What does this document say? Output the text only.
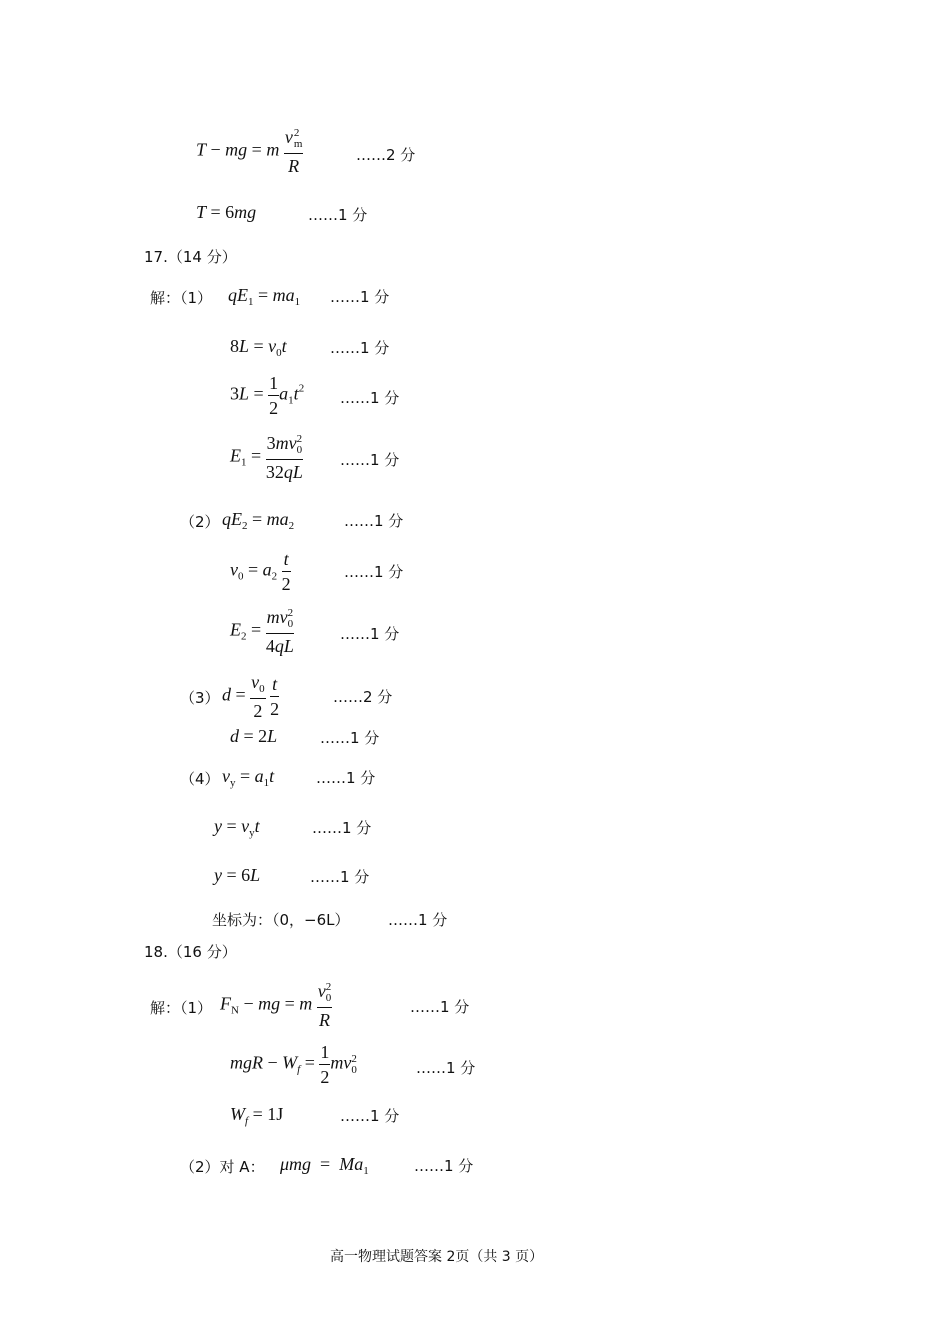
T − mg = m v 2
m
R	……2 分
T = 6mg	……1 分
17.（14 分）
解：（1） $qE_1 = ma_1$ ……1 分
$8L = v_0t$	……1 分
$3L = \frac{1}{2} a_1t^2$
……1 分
$E_1 = 3mv$ 2
0
32qL ……1 分
（2） $qE_2 = ma_2$	……1 分
$v_0 = a_2 \frac{t}{2}$	……1 分
$E_2$ = mv 2
0
4qL	……1 分
（3） $d = \frac{v_0}{2}$
$\frac{t}{2}$	……2 分
d = 2L	……1 分
（4） $v_y = a_1t$	……1 分
$y = v_yt$	……1 分
y = 6L	……1 分
坐标为：（0，−6L）	……1 分
18.（16 分）
解：（1） $F_N$ − mg = m v 2
0
R	……1 分
mgR − $W_f = \frac{1}{2}$ mv 2
0	……1 分
$W_f = 1J$	……1 分
（2）对 A： $\mu mg = Ma_1$	……1 分
高一物理试题答案 2页（共 3 页）
